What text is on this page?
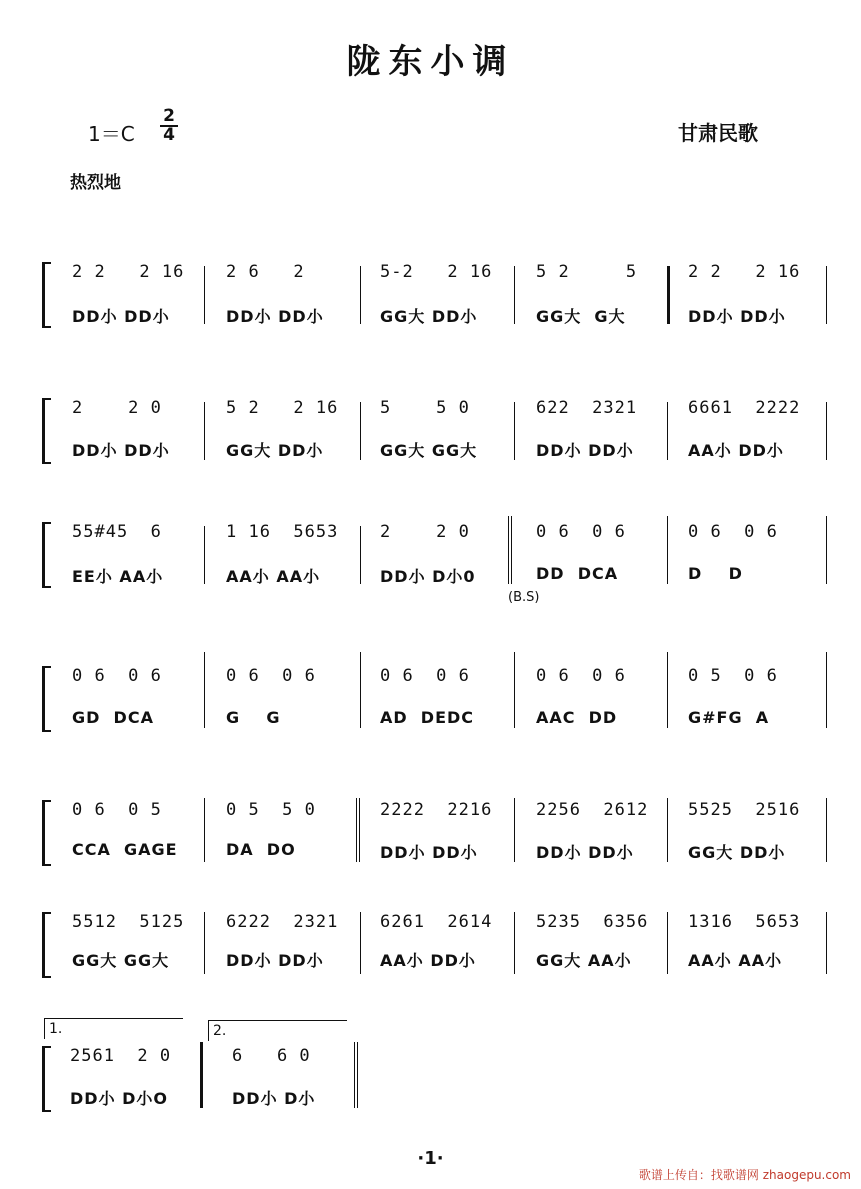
陇东小调
1＝C
2
4	甘肃民歌
热烈地
2 2   2 16
DD小 DD小
2 6   2
DD小 DD小
5-2   2 16
GG大 DD小
5 2     5
GG大  G大
2 2   2 16
DD小 DD小
2    2 0
DD小 DD小
5 2   2 16
GG大 DD小
5    5 0
GG大 GG大
622  2321
DD小 DD小
6661  2222
AA小 DD小
55#45  6
EE小 AA小
1 16  5653
AA小 AA小
2    2 0
DD小 D小0
0 6  0 6
DD  DCA
(B.S)
0 6  0 6
D    D
0 6  0 6
GD  DCA
0 6  0 6
G    G
0 6  0 6
AD  DEDC
0 6  0 6
AAC  DD
0 5  0 6
G#FG  A
0 6  0 5
CCA  GAGE
0 5  5 0
DA  DO
2222  2216
DD小 DD小
2256  2612
DD小 DD小
5525  2516
GG大 DD小
5512  5125
GG大 GG大
6222  2321
DD小 DD小
6261  2614
AA小 DD小
5235  6356
GG大 AA小
1316  5653
AA小 AA小
1.	2.
2561  2 0
DD小 D小O
6   6 0
DD小 D小
·1·
歌谱上传自：找歌谱网 zhaogepu.com
